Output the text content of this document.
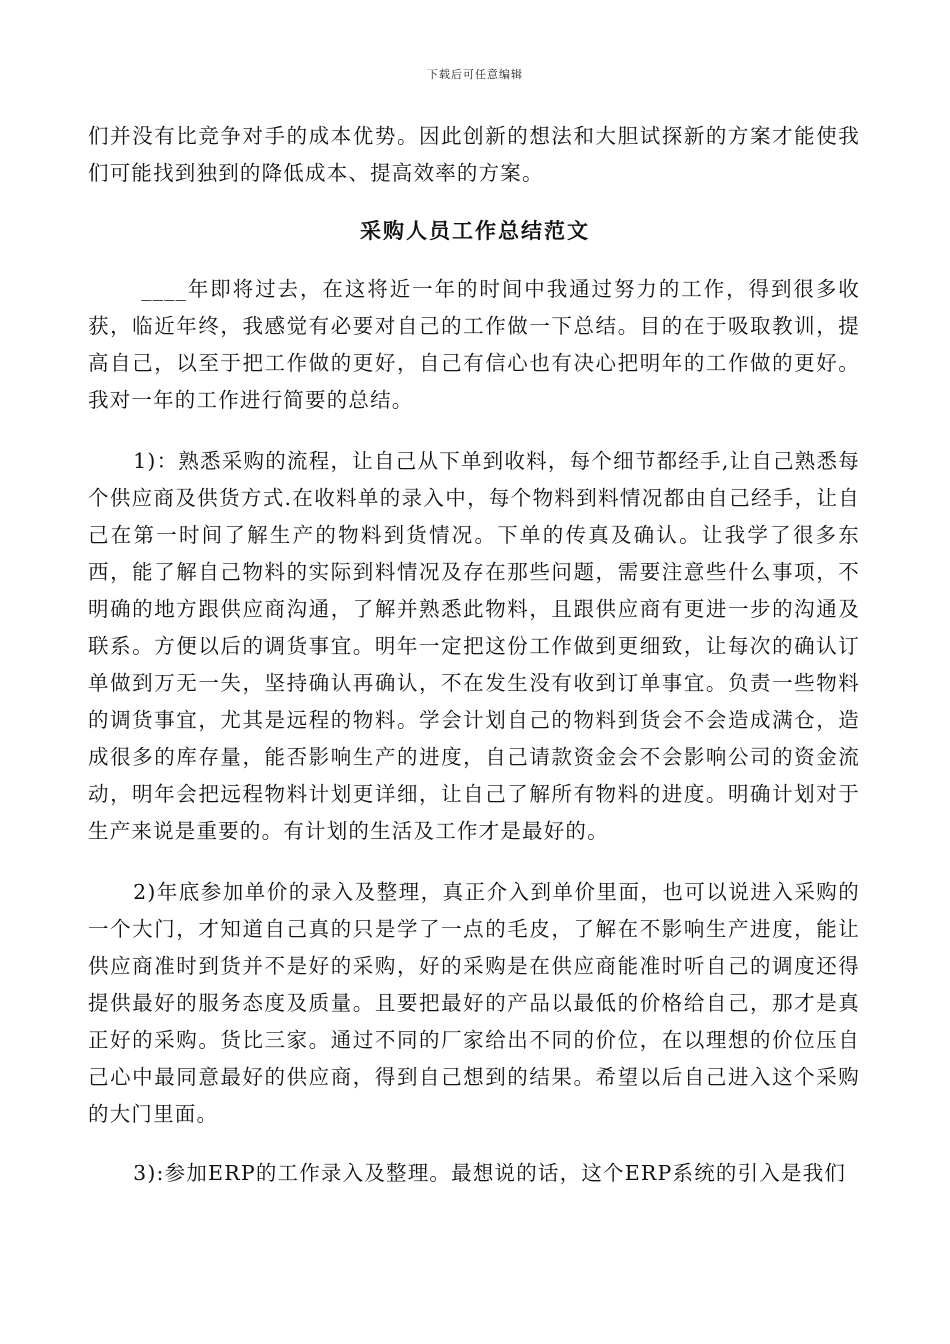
下载后可任意编辑

们并没有比竞争对手的成本优势。因此创新的想法和大胆试探新的方案才能使我们可能找到独到的降低成本、提高效率的方案。

采购人员工作总结范文

____年即将过去，在这将近一年的时间中我通过努力的工作，得到很多收获，临近年终，我感觉有必要对自己的工作做一下总结。目的在于吸取教训，提高自己，以至于把工作做的更好，自己有信心也有决心把明年的工作做的更好。我对一年的工作进行简要的总结。

1)：熟悉采购的流程，让自己从下单到收料，每个细节都经手,让自己熟悉每个供应商及供货方式.在收料单的录入中，每个物料到料情况都由自己经手，让自己在第一时间了解生产的物料到货情况。下单的传真及确认。让我学了很多东西，能了解自己物料的实际到料情况及存在那些问题，需要注意些什么事项，不明确的地方跟供应商沟通，了解并熟悉此物料，且跟供应商有更进一步的沟通及联系。方便以后的调货事宜。明年一定把这份工作做到更细致，让每次的确认订单做到万无一失，坚持确认再确认，不在发生没有收到订单事宜。负责一些物料的调货事宜，尤其是远程的物料。学会计划自己的物料到货会不会造成满仓，造成很多的库存量，能否影响生产的进度，自己请款资金会不会影响公司的资金流动，明年会把远程物料计划更详细，让自己了解所有物料的进度。明确计划对于生产来说是重要的。有计划的生活及工作才是最好的。

2)年底参加单价的录入及整理，真正介入到单价里面，也可以说进入采购的一个大门，才知道自己真的只是学了一点的毛皮，了解在不影响生产进度，能让供应商准时到货并不是好的采购，好的采购是在供应商能准时听自己的调度还得提供最好的服务态度及质量。且要把最好的产品以最低的价格给自己，那才是真正好的采购。货比三家。通过不同的厂家给出不同的价位，在以理想的价位压自己心中最同意最好的供应商，得到自己想到的结果。希望以后自己进入这个采购的大门里面。

3):参加ERP的工作录入及整理。最想说的话，这个ERP系统的引入是我们
